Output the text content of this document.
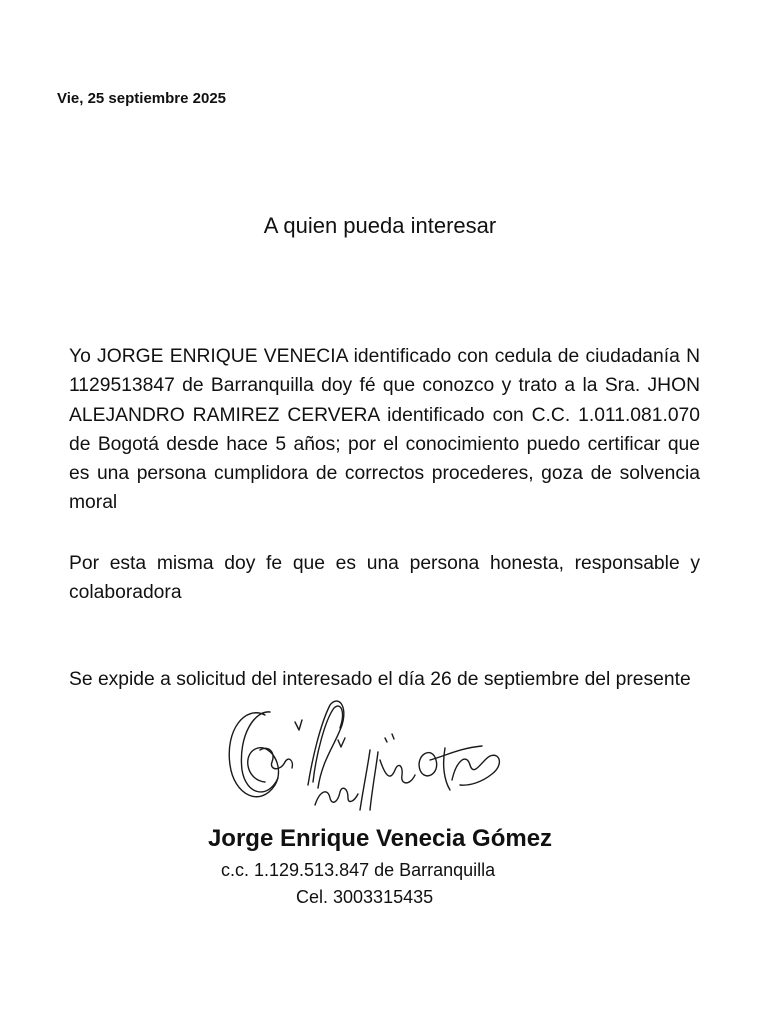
Vie, 25 septiembre 2025
A quien pueda interesar

Yo JORGE ENRIQUE VENECIA identificado con cedula de ciudadanía N 1129513847 de Barranquilla doy fé que conozco y trato a la Sra. JHON ALEJANDRO RAMIREZ CERVERA identificado con C.C. 1.011.081.070 de Bogotá desde hace 5 años; por el conocimiento puedo certificar que es una persona cumplidora de correctos procederes, goza de solvencia moral

Por esta misma doy fe que es una persona honesta, responsable y colaboradora

Se expide a solicitud del interesado el día 26 de septiembre del presente

Jorge Enrique Venecia Gómez
c.c. 1.129.513.847 de Barranquilla
Cel. 3003315435
